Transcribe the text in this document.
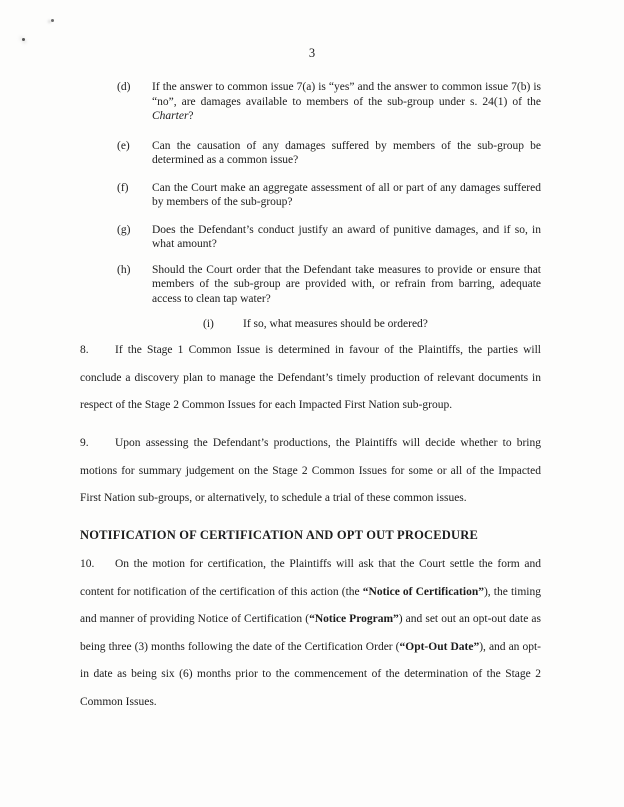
3
(d)	If the answer to common issue 7(a) is “yes” and the answer to common issue 7(b) is “no”, are damages available to members of the sub-group under s. 24(1) of the Charter?
(e)	Can the causation of any damages suffered by members of the sub-group be determined as a common issue?
(f)	Can the Court make an aggregate assessment of all or part of any damages suffered by members of the sub-group?
(g)	Does the Defendant’s conduct justify an award of punitive damages, and if so, in what amount?
(h)	Should the Court order that the Defendant take measures to provide or ensure that members of the sub-group are provided with, or refrain from barring, adequate access to clean tap water?
(i)	If so, what measures should be ordered?

8. If the Stage 1 Common Issue is determined in favour of the Plaintiffs, the parties will conclude a discovery plan to manage the Defendant’s timely production of relevant documents in respect of the Stage 2 Common Issues for each Impacted First Nation sub-group.

9. Upon assessing the Defendant’s productions, the Plaintiffs will decide whether to bring motions for summary judgement on the Stage 2 Common Issues for some or all of the Impacted First Nation sub-groups, or alternatively, to schedule a trial of these common issues.

NOTIFICATION OF CERTIFICATION AND OPT OUT PROCEDURE

10. On the motion for certification, the Plaintiffs will ask that the Court settle the form and content for notification of the certification of this action (the “Notice of Certification”), the timing and manner of providing Notice of Certification (“Notice Program”) and set out an opt-out date as being three (3) months following the date of the Certification Order (“Opt-Out Date”), and an opt-in date as being six (6) months prior to the commencement of the determination of the Stage 2 Common Issues.
